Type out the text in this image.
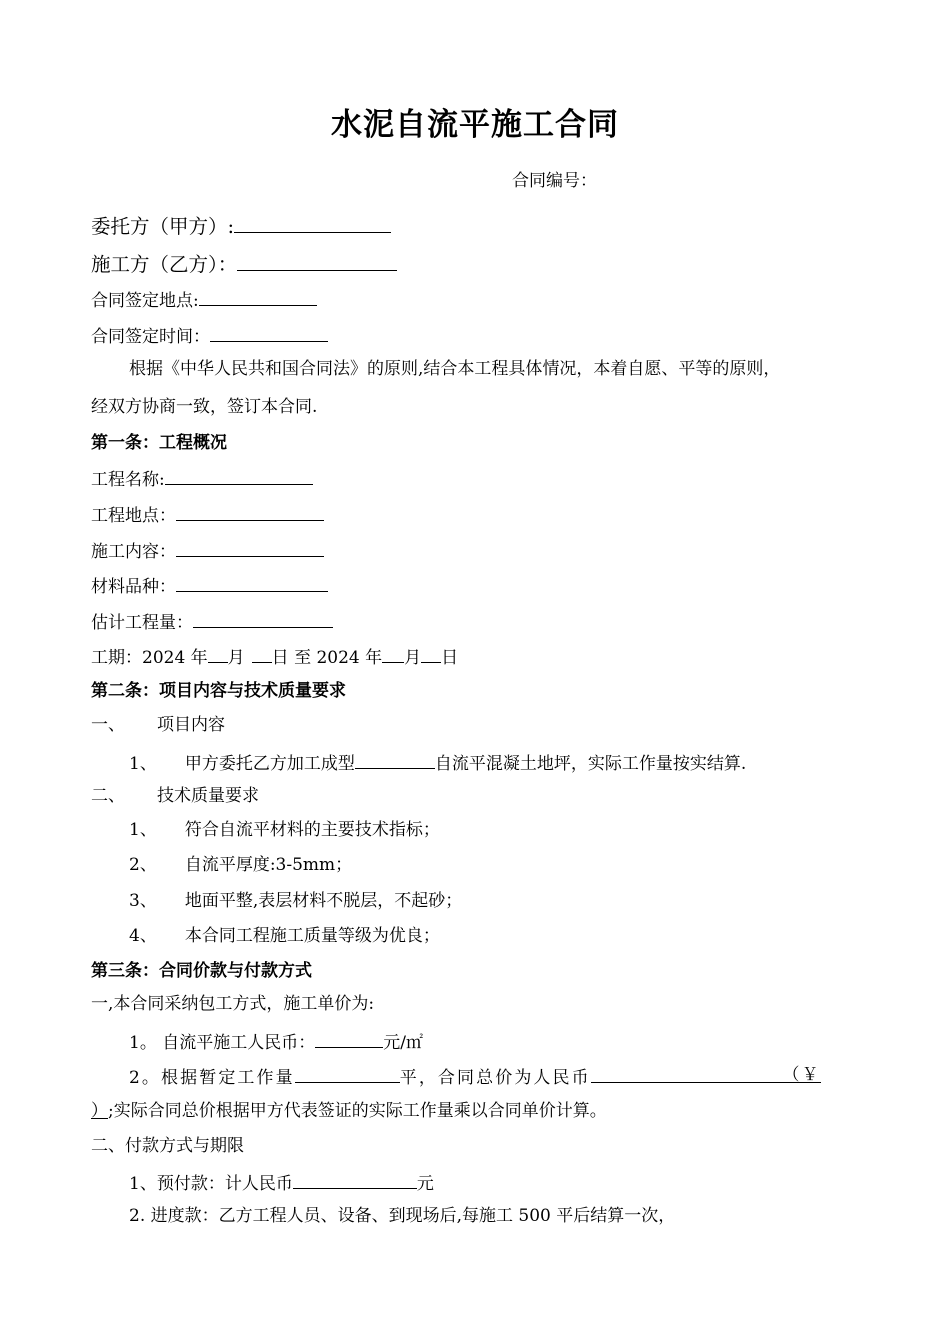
水泥自流平施工合同
合同编号：
委托方（甲方）:
施工方（乙方）：
合同签定地点:
合同签定时间：
根据《中华人民共和国合同法》的原则,结合本工程具体情况，本着自愿、平等的原则，
经双方协商一致，签订本合同.
第一条：工程概况
工程名称:
工程地点：
施工内容：
材料品种：
估计工程量：
工期：2024 年 月 日 至 2024 年 月 日
第二条：项目内容与技术质量要求
一、 项目内容
1、 甲方委托乙方加工成型	自流平混凝土地坪，实际工作量按实结算.
二、 技术质量要求
1、 符合自流平材料的主要技术指标；
2、 自流平厚度:3-5mm；
3、 地面平整,表层材料不脱层，不起砂；
4、 本合同工程施工质量等级为优良；
第三条：合同价款与付款方式
一,本合同采纳包工方式，施工单价为:
1。 自流平施工人民币：	元/㎡
2。根据暂定工作量	平，合同总价为人民币	（￥
）;实际合同总价根据甲方代表签证的实际工作量乘以合同单价计算。
二、付款方式与期限
1、预付款：计人民币	元
2. 进度款：乙方工程人员、设备、到现场后,每施工 500 平后结算一次，
